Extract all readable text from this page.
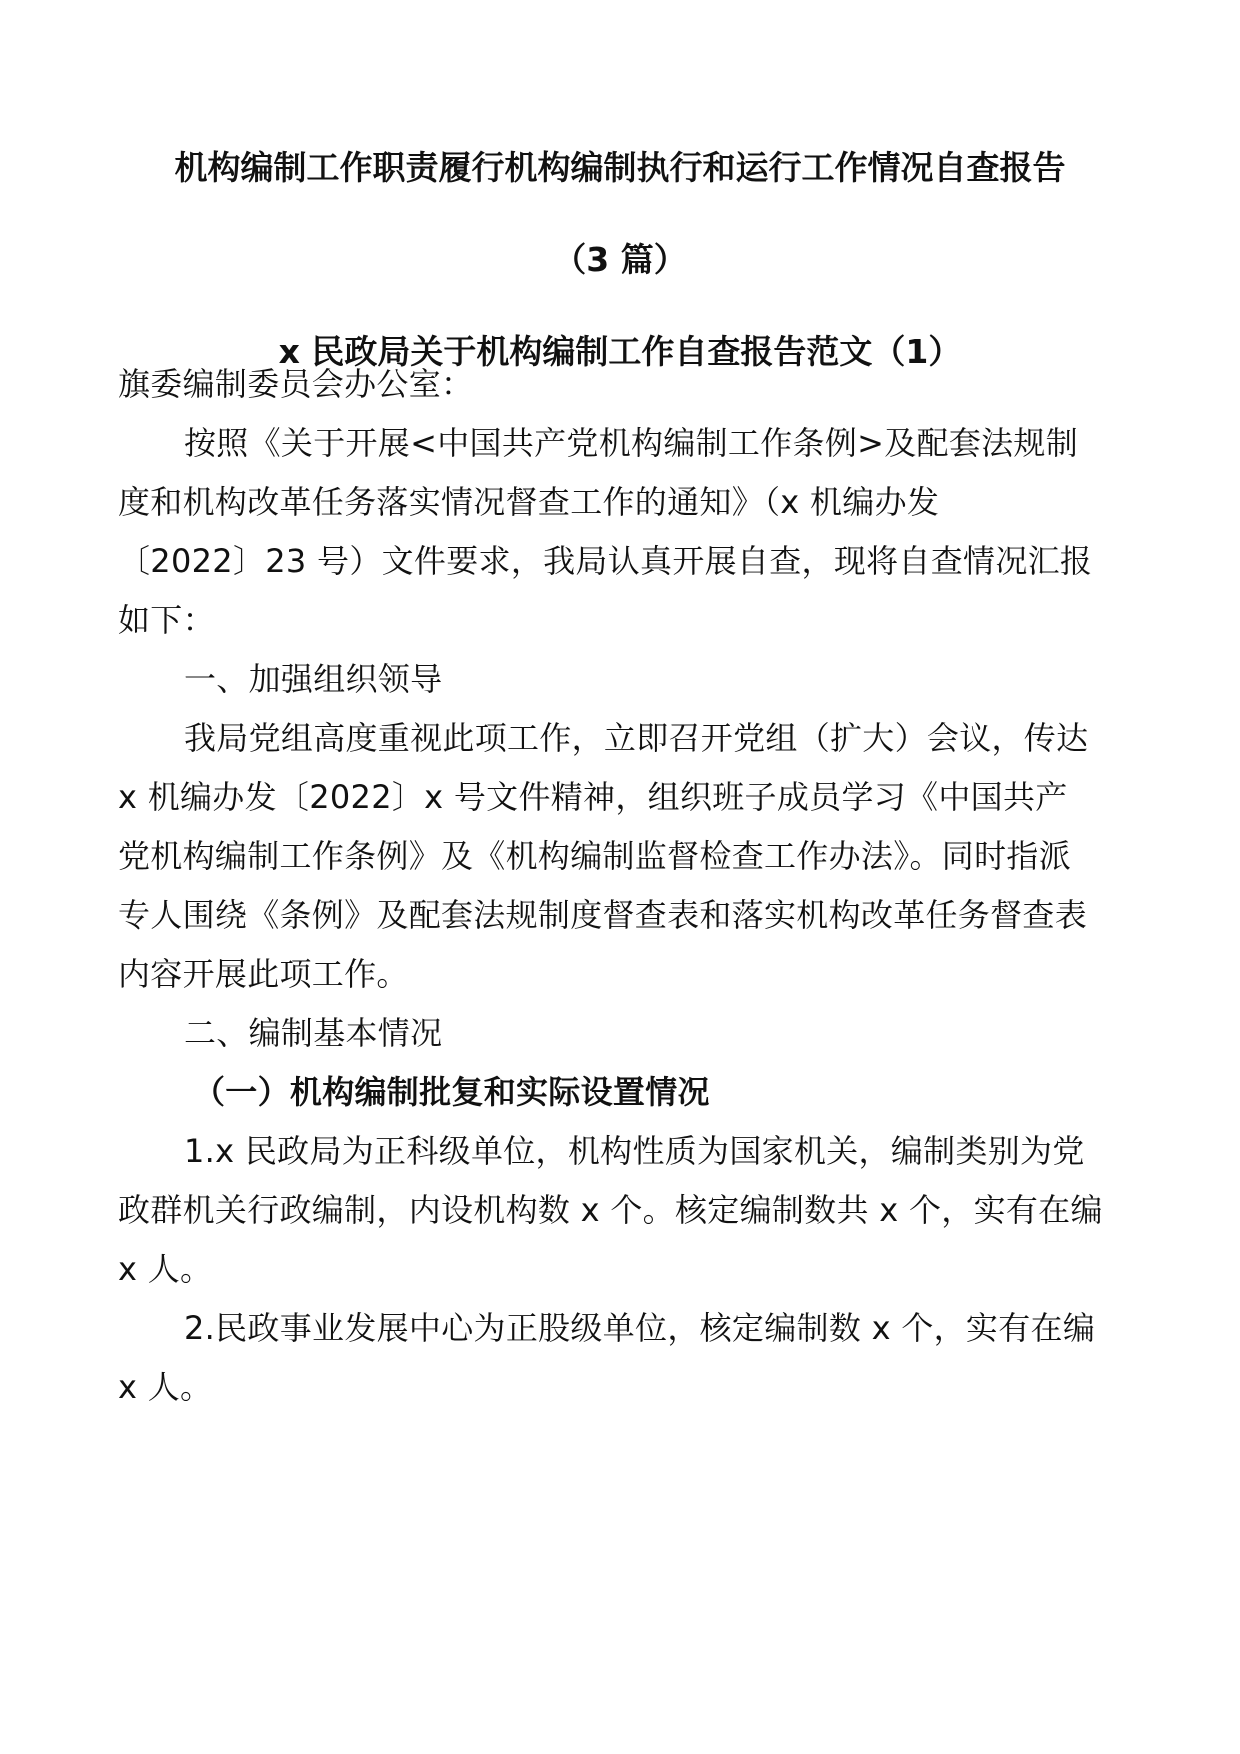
机构编制工作职责履行机构编制执行和运行工作情况自查报告
（3 篇）
x 民政局关于机构编制工作自查报告范文（1）
旗委编制委员会办公室：
按照《关于开展<中国共产党机构编制工作条例>及配套法规制
度和机构改革任务落实情况督查工作的通知》（x 机编办发
〔2022〕23 号）文件要求，我局认真开展自查，现将自查情况汇报
如下：
一、加强组织领导
我局党组高度重视此项工作，立即召开党组（扩大）会议，传达
x 机编办发〔2022〕x 号文件精神，组织班子成员学习《中国共产
党机构编制工作条例》及《机构编制监督检查工作办法》。同时指派
专人围绕《条例》及配套法规制度督查表和落实机构改革任务督查表
内容开展此项工作。
二、编制基本情况
（一）机构编制批复和实际设置情况
1.x 民政局为正科级单位，机构性质为国家机关，编制类别为党
政群机关行政编制，内设机构数 x 个。核定编制数共 x 个，实有在编
x 人。
2.民政事业发展中心为正股级单位，核定编制数 x 个，实有在编
x 人。
